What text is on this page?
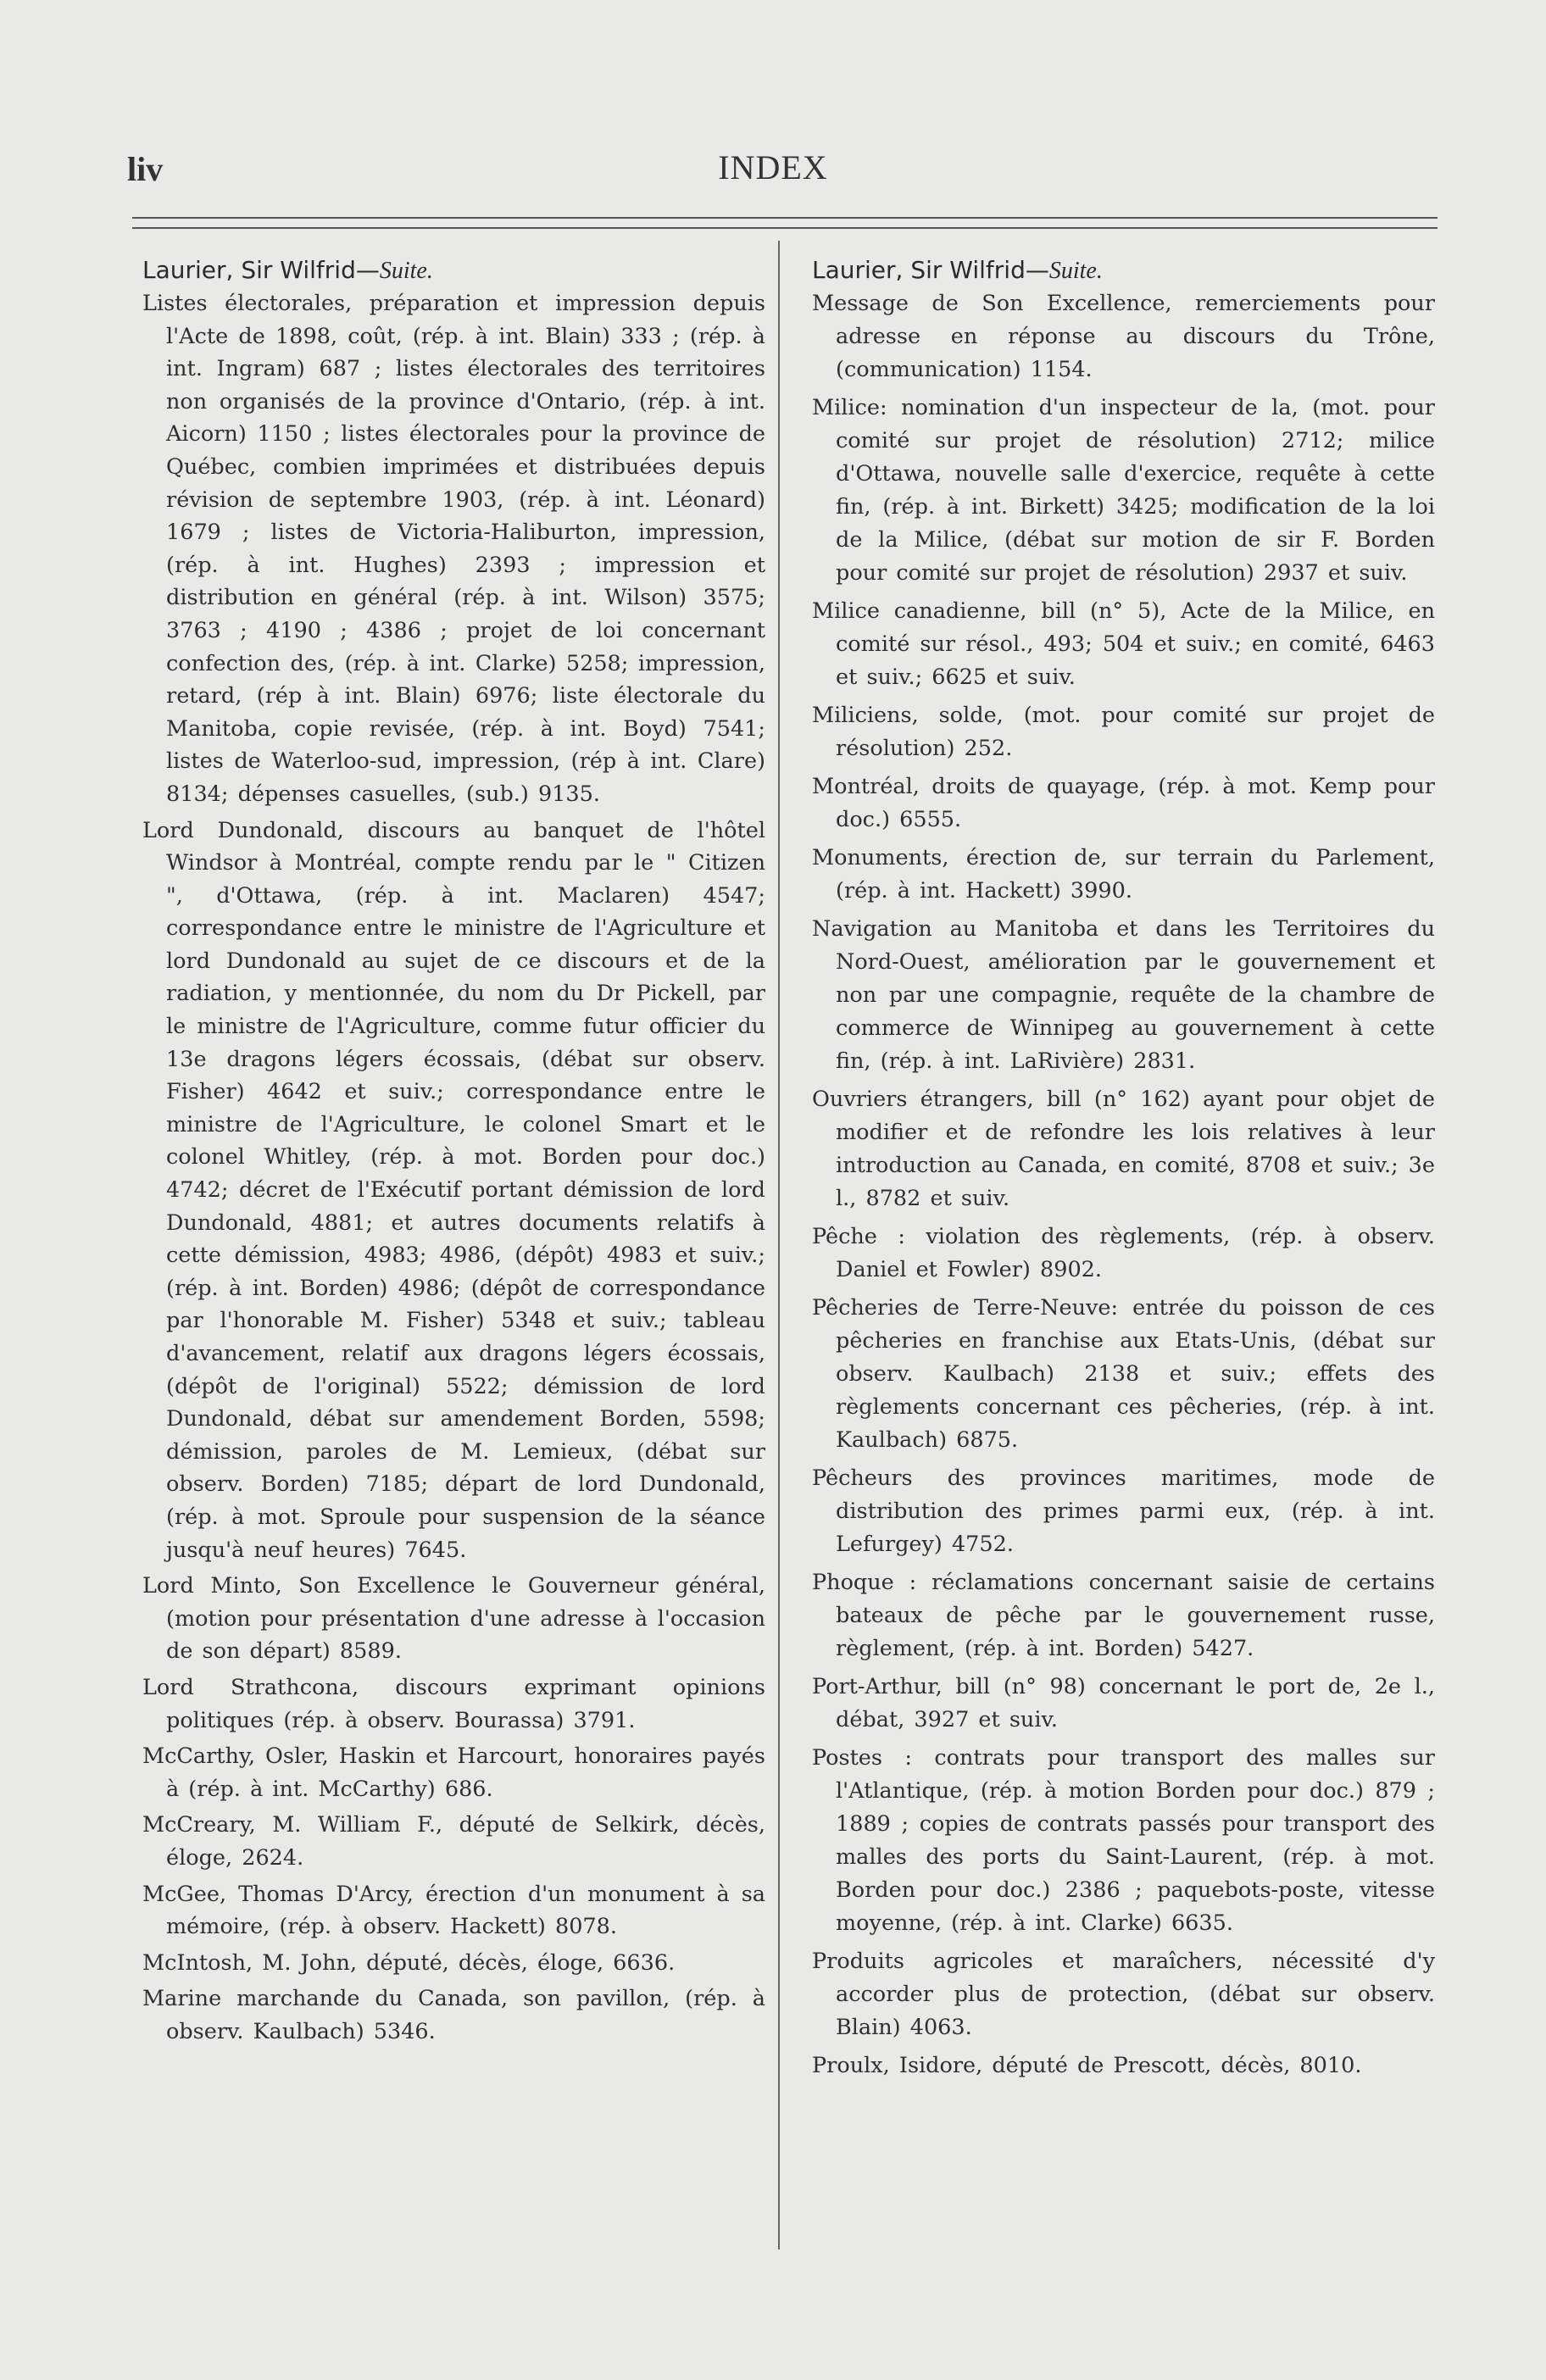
liv	INDEX
Laurier, Sir Wilfrid—Suite.
Listes électorales, préparation et impression depuis l'Acte de 1898, coût, (rép. à int. Blain) 333 ; (rép. à int. Ingram) 687 ; listes électorales des territoires non organisés de la province d'Ontario, (rép. à int. Aicorn) 1150 ; listes électorales pour la province de Québec, combien imprimées et distribuées depuis révision de septembre 1903, (rép. à int. Léonard) 1679 ; listes de Victoria-Haliburton, impression, (rép. à int. Hughes) 2393 ; impression et distribution en général (rép. à int. Wilson) 3575; 3763 ; 4190 ; 4386 ; projet de loi concernant confection des, (rép. à int. Clarke) 5258; impression, retard, (rép à int. Blain) 6976; liste électorale du Manitoba, copie revisée, (rép. à int. Boyd) 7541; listes de Waterloo-sud, impression, (rép à int. Clare) 8134; dépenses casuelles, (sub.) 9135.
Lord Dundonald, discours au banquet de l'hôtel Windsor à Montréal, compte rendu par le " Citizen ", d'Ottawa, (rép. à int. Maclaren) 4547; correspondance entre le ministre de l'Agriculture et lord Dundonald au sujet de ce discours et de la radiation, y mentionnée, du nom du Dr Pickell, par le ministre de l'Agriculture, comme futur officier du 13e dragons légers écossais, (débat sur observ. Fisher) 4642 et suiv.; correspondance entre le ministre de l'Agriculture, le colonel Smart et le colonel Whitley, (rép. à mot. Borden pour doc.) 4742; décret de l'Exécutif portant démission de lord Dundonald, 4881; et autres documents relatifs à cette démission, 4983; 4986, (dépôt) 4983 et suiv.; (rép. à int. Borden) 4986; (dépôt de correspondance par l'honorable M. Fisher) 5348 et suiv.; tableau d'avancement, relatif aux dragons légers écossais, (dépôt de l'original) 5522; démission de lord Dundonald, débat sur amendement Borden, 5598; démission, paroles de M. Lemieux, (débat sur observ. Borden) 7185; départ de lord Dundonald, (rép. à mot. Sproule pour suspension de la séance jusqu'à neuf heures) 7645.
Lord Minto, Son Excellence le Gouverneur général, (motion pour présentation d'une adresse à l'occasion de son départ) 8589.
Lord Strathcona, discours exprimant opinions politiques (rép. à observ. Bourassa) 3791.
McCarthy, Osler, Haskin et Harcourt, honoraires payés à (rép. à int. McCarthy) 686.
McCreary, M. William F., député de Selkirk, décès, éloge, 2624.
McGee, Thomas D'Arcy, érection d'un monument à sa mémoire, (rép. à observ. Hackett) 8078.
McIntosh, M. John, député, décès, éloge, 6636.
Marine marchande du Canada, son pavillon, (rép. à observ. Kaulbach) 5346.
Laurier, Sir Wilfrid—Suite.
Message de Son Excellence, remerciements pour adresse en réponse au discours du Trône, (communication) 1154.
Milice: nomination d'un inspecteur de la, (mot. pour comité sur projet de résolution) 2712; milice d'Ottawa, nouvelle salle d'exercice, requête à cette fin, (rép. à int. Birkett) 3425; modification de la loi de la Milice, (débat sur motion de sir F. Borden pour comité sur projet de résolution) 2937 et suiv.
Milice canadienne, bill (n° 5), Acte de la Milice, en comité sur résol., 493; 504 et suiv.; en comité, 6463 et suiv.; 6625 et suiv.
Miliciens, solde, (mot. pour comité sur projet de résolution) 252.
Montréal, droits de quayage, (rép. à mot. Kemp pour doc.) 6555.
Monuments, érection de, sur terrain du Parlement, (rép. à int. Hackett) 3990.
Navigation au Manitoba et dans les Territoires du Nord-Ouest, amélioration par le gouvernement et non par une compagnie, requête de la chambre de commerce de Winnipeg au gouvernement à cette fin, (rép. à int. LaRivière) 2831.
Ouvriers étrangers, bill (n° 162) ayant pour objet de modifier et de refondre les lois relatives à leur introduction au Canada, en comité, 8708 et suiv.; 3e l., 8782 et suiv.
Pêche : violation des règlements, (rép. à observ. Daniel et Fowler) 8902.
Pêcheries de Terre-Neuve: entrée du poisson de ces pêcheries en franchise aux Etats-Unis, (débat sur observ. Kaulbach) 2138 et suiv.; effets des règlements concernant ces pêcheries, (rép. à int. Kaulbach) 6875.
Pêcheurs des provinces maritimes, mode de distribution des primes parmi eux, (rép. à int. Lefurgey) 4752.
Phoque : réclamations concernant saisie de certains bateaux de pêche par le gouvernement russe, règlement, (rép. à int. Borden) 5427.
Port-Arthur, bill (n° 98) concernant le port de, 2e l., débat, 3927 et suiv.
Postes : contrats pour transport des malles sur l'Atlantique, (rép. à motion Borden pour doc.) 879 ; 1889 ; copies de contrats passés pour transport des malles des ports du Saint-Laurent, (rép. à mot. Borden pour doc.) 2386 ; paquebots-poste, vitesse moyenne, (rép. à int. Clarke) 6635.
Produits agricoles et maraîchers, nécessité d'y accorder plus de protection, (débat sur observ. Blain) 4063.
Proulx, Isidore, député de Prescott, décès, 8010.
